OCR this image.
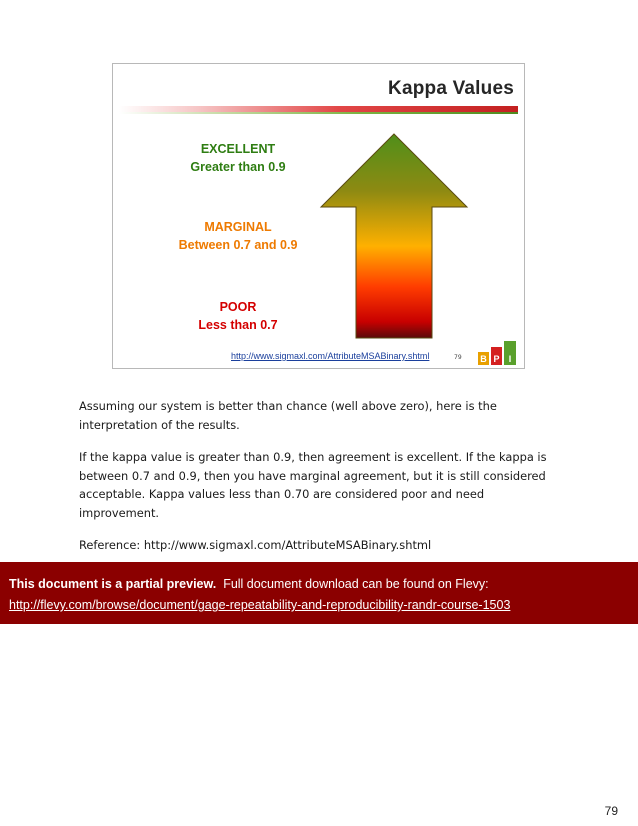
Kappa Values
EXCELLENT
Greater than 0.9
MARGINAL
Between 0.7 and 0.9
POOR
Less than 0.7
http://www.sigmaxl.com/AttributeMSABinary.shtml	79 B P I

Assuming our system is better than chance (well above zero), here is the interpretation of the results.

If the kappa value is greater than 0.9, then agreement is excellent. If the kappa is between 0.7 and 0.9, then you have marginal agreement, but it is still considered acceptable. Kappa values less than 0.70 are considered poor and need improvement.

Reference: http://www.sigmaxl.com/AttributeMSABinary.shtml

This document is a partial preview. Full document download can be found on Flevy:
http://flevy.com/browse/document/gage-repeatability-and-reproducibility-randr-course-1503
79
